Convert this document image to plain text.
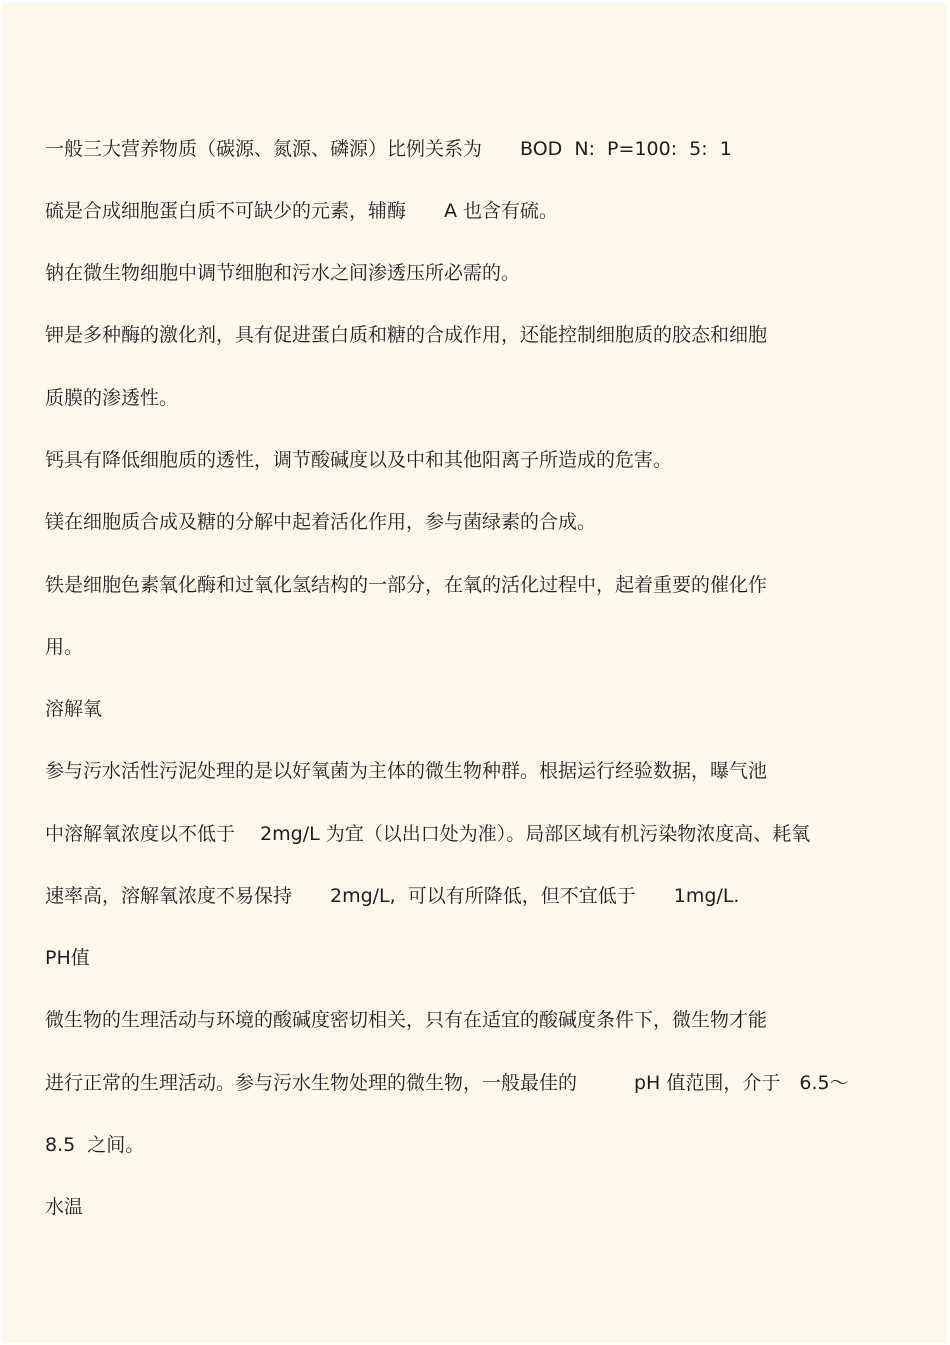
一般三大营养物质（碳源、氮源、磷源）比例关系为　　BOD  N:  P=100:  5:  1

硫是合成细胞蛋白质不可缺少的元素，辅酶　　A 也含有硫。

钠在微生物细胞中调节细胞和污水之间渗透压所必需的。

钾是多种酶的激化剂，具有促进蛋白质和糖的合成作用，还能控制细胞质的胶态和细胞

质膜的渗透性。

钙具有降低细胞质的透性，调节酸碱度以及中和其他阳离子所造成的危害。

镁在细胞质合成及糖的分解中起着活化作用，参与菌绿素的合成。

铁是细胞色素氧化酶和过氧化氢结构的一部分，在氧的活化过程中，起着重要的催化作

用。

溶解氧

参与污水活性污泥处理的是以好氧菌为主体的微生物种群。根据运行经验数据，曝气池

中溶解氧浓度以不低于　 2mg/L 为宜（以出口处为准）。局部区域有机污染物浓度高、耗氧

速率高，溶解氧浓度不易保持　　2mg/L,  可以有所降低，但不宜低于　　1mg/L.

PH值

微生物的生理活动与环境的酸碱度密切相关，只有在适宜的酸碱度条件下，微生物才能

进行正常的生理活动。参与污水生物处理的微生物，一般最佳的　　　pH 值范围，介于　6.5～

8.5  之间。

水温
